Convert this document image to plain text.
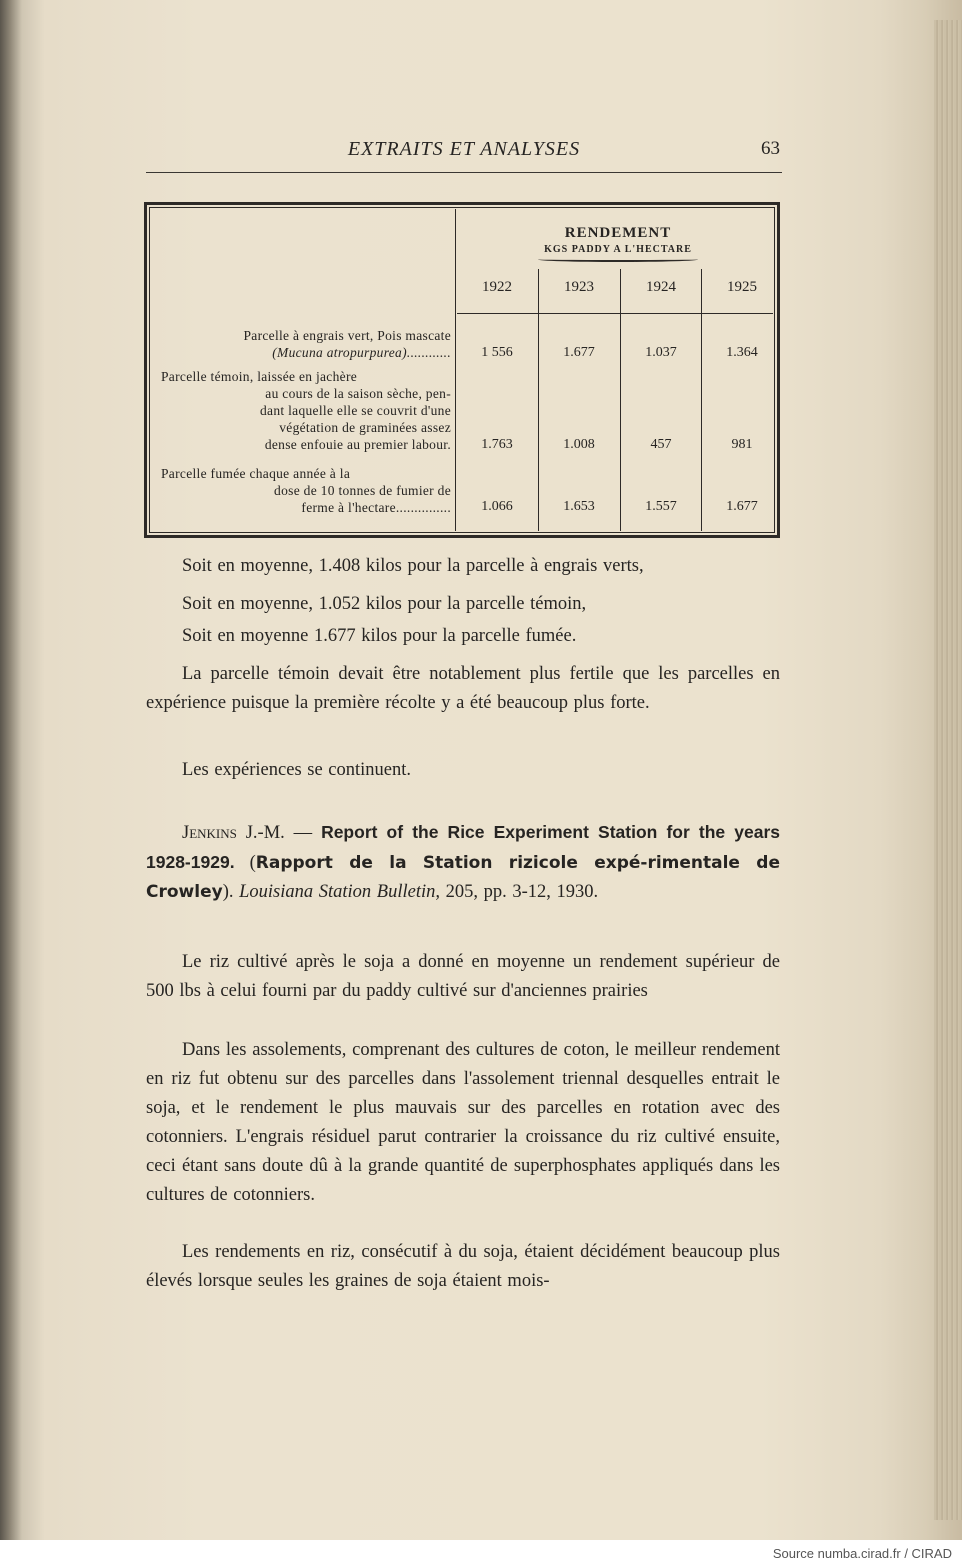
EXTRAITS ET ANALYSES	63
RENDEMENT
KGS PADDY A L'HECTARE
1922	1923	1924	1925
Parcelle à engrais vert, Pois mascate
(Mucuna atropurpurea)............	1 556	1.677	1.037	1.364
Parcelle témoin, laissée en jachère
au cours de la saison sèche, pen-
dant laquelle elle se couvrit d'une
végétation de graminées assez
dense enfouie au premier labour.	1.763	1.008	457	981
Parcelle fumée chaque année à la
dose de 10 tonnes de fumier de
ferme à l'hectare...............	1.066	1.653	1.557	1.677

Soit en moyenne, 1.408 kilos pour la parcelle à engrais verts,

Soit en moyenne, 1.052 kilos pour la parcelle témoin,

Soit en moyenne 1.677 kilos pour la parcelle fumée.

La parcelle témoin devait être notablement plus fertile que les parcelles en expérience puisque la première récolte y a été beaucoup plus forte.

Les expériences se continuent.

Jenkins J.-M. — Report of the Rice Experiment Station for the years 1928-1929. (Rapport de la Station rizicole expé-rimentale de Crowley). Louisiana Station Bulletin, 205, pp. 3-12, 1930.

Le riz cultivé après le soja a donné en moyenne un rendement supérieur de 500 lbs à celui fourni par du paddy cultivé sur d'anciennes prairies

Dans les assolements, comprenant des cultures de coton, le meilleur rendement en riz fut obtenu sur des parcelles dans l'assolement triennal desquelles entrait le soja, et le rendement le plus mauvais sur des parcelles en rotation avec des cotonniers. L'engrais résiduel parut contrarier la croissance du riz cultivé ensuite, ceci étant sans doute dû à la grande quantité de superphosphates appliqués dans les cultures de cotonniers.

Les rendements en riz, consécutif à du soja, étaient décidément beaucoup plus élevés lorsque seules les graines de soja étaient mois-

Source numba.cirad.fr / CIRAD
